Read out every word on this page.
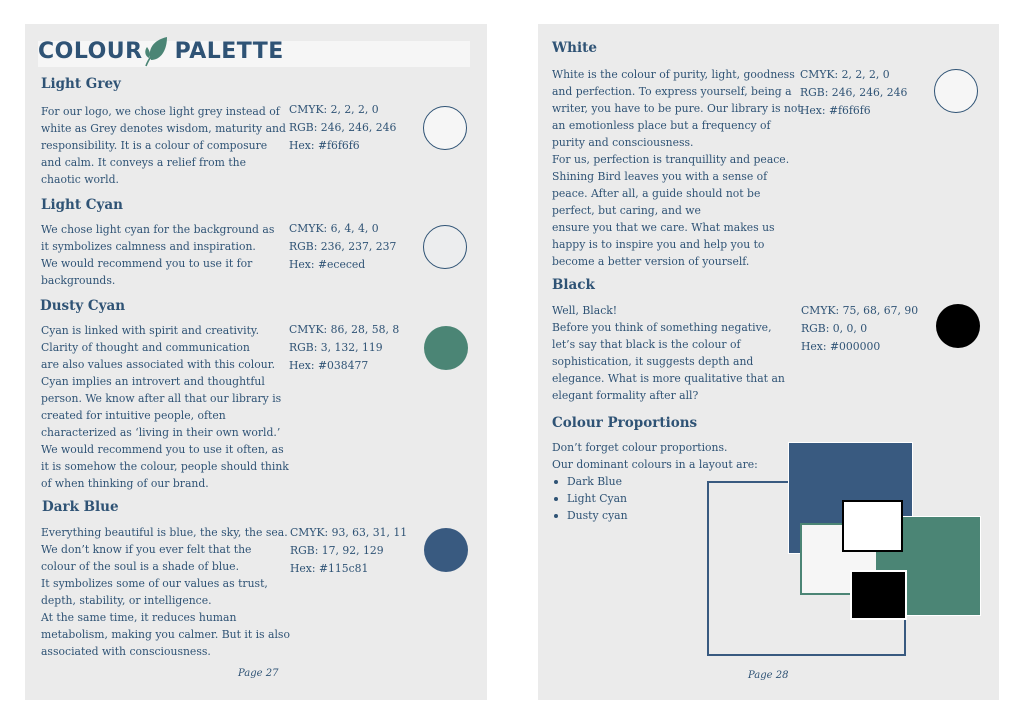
COLOUR PALETTE
Light Grey
For our logo, we chose light grey instead of
white as Grey denotes wisdom, maturity and
responsibility. It is a colour of composure
and calm. It conveys a relief from the
chaotic world.
CMYK: 2, 2, 2, 0
RGB: 246, 246, 246
Hex: #f6f6f6
Light Cyan
We chose light cyan for the background as
it symbolizes calmness and inspiration.
We would recommend you to use it for
backgrounds.
CMYK: 6, 4, 4, 0
RGB: 236, 237, 237
Hex: #ececed
Dusty Cyan
Cyan is linked with spirit and creativity.
Clarity of thought and communication
are also values associated with this colour.
Cyan implies an introvert and thoughtful
person. We know after all that our library is
created for intuitive people, often
characterized as ‘living in their own world.’
We would recommend you to use it often, as
it is somehow the colour, people should think
of when thinking of our brand.
CMYK: 86, 28, 58, 8
RGB: 3, 132, 119
Hex: #038477
Dark Blue
Everything beautiful is blue, the sky, the sea.
We don’t know if you ever felt that the
colour of the soul is a shade of blue.
It symbolizes some of our values as trust,
depth, stability, or intelligence.
At the same time, it reduces human
metabolism, making you calmer. But it is also
associated with consciousness.
CMYK: 93, 63, 31, 11
RGB: 17, 92, 129
Hex: #115c81
Page 27
White
White is the colour of purity, light, goodness
and perfection. To express yourself, being a
writer, you have to be pure. Our library is not
an emotionless place but a frequency of
purity and consciousness.
For us, perfection is tranquillity and peace.
Shining Bird leaves you with a sense of
peace. After all, a guide should not be
perfect, but caring, and we
ensure you that we care. What makes us
happy is to inspire you and help you to
become a better version of yourself.
CMYK: 2, 2, 2, 0
RGB: 246, 246, 246
Hex: #f6f6f6
Black
Well, Black!
Before you think of something negative,
let’s say that black is the colour of
sophistication, it suggests depth and
elegance. What is more qualitative that an
elegant formality after all?
CMYK: 75, 68, 67, 90
RGB: 0, 0, 0
Hex: #000000
Colour Proportions
Don’t forget colour proportions.
Our dominant colours in a layout are:
Dark Blue
Light Cyan
Dusty cyan
Page 28
